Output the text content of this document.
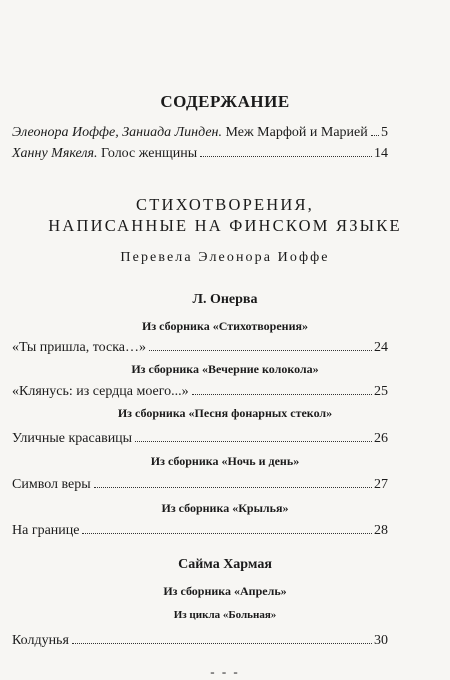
СОДЕРЖАНИЕ
Элеонора Иоффе, Заниада Линден. Меж Марфой и Марией 5
Ханну Мякеля. Голос женщины	14
СТИХОТВОРЕНИЯ,
НАПИСАННЫЕ НА ФИНСКОМ ЯЗЫКЕ
Перевела Элеонора Иоффе
Л. Онерва
Из сборника «Стихотворения»
«Ты пришла, тоска…»	24
Из сборника «Вечерние колокола»
«Клянусь: из сердца моего...»	25
Из сборника «Песня фонарных стекол»
Уличные красавицы	26
Из сборника «Ночь и день»
Символ веры	27
Из сборника «Крылья»
На границе	28
Сайма Хармая
Из сборника «Апрель»
Из цикла «Больная»
Колдунья	30
- - -
